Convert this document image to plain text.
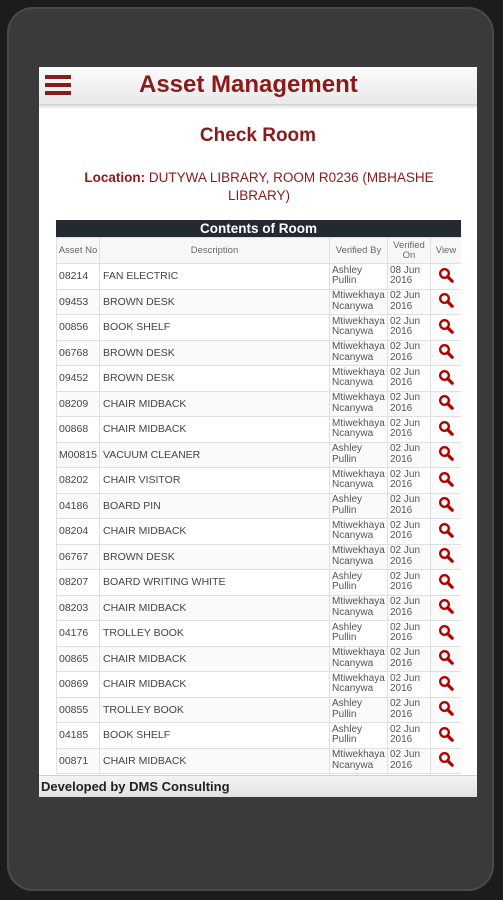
Asset Management
Check Room
Location: DUTYWA LIBRARY, ROOM R0236 (MBHASHE LIBRARY)
Contents of Room
Asset No	Description	Verified By	Verified On	View
08214	FAN ELECTRIC	Ashley Pullin	08 Jun 2016	
09453	BROWN DESK	Mtiwekhaya Ncanywa	02 Jun 2016	
00856	BOOK SHELF	Mtiwekhaya Ncanywa	02 Jun 2016	
06768	BROWN DESK	Mtiwekhaya Ncanywa	02 Jun 2016	
09452	BROWN DESK	Mtiwekhaya Ncanywa	02 Jun 2016	
08209	CHAIR MIDBACK	Mtiwekhaya Ncanywa	02 Jun 2016	
00868	CHAIR MIDBACK	Mtiwekhaya Ncanywa	02 Jun 2016	
M00815	VACUUM CLEANER	Ashley Pullin	02 Jun 2016	
08202	CHAIR VISITOR	Mtiwekhaya Ncanywa	02 Jun 2016	
04186	BOARD PIN	Ashley Pullin	02 Jun 2016	
08204	CHAIR MIDBACK	Mtiwekhaya Ncanywa	02 Jun 2016	
06767	BROWN DESK	Mtiwekhaya Ncanywa	02 Jun 2016	
08207	BOARD WRITING WHITE	Ashley Pullin	02 Jun 2016	
08203	CHAIR MIDBACK	Mtiwekhaya Ncanywa	02 Jun 2016	
04176	TROLLEY BOOK	Ashley Pullin	02 Jun 2016	
00865	CHAIR MIDBACK	Mtiwekhaya Ncanywa	02 Jun 2016	
00869	CHAIR MIDBACK	Mtiwekhaya Ncanywa	02 Jun 2016	
00855	TROLLEY BOOK	Ashley Pullin	02 Jun 2016	
04185	BOOK SHELF	Ashley Pullin	02 Jun 2016	
00871	CHAIR MIDBACK	Mtiwekhaya Ncanywa	02 Jun 2016	
Developed by DMS Consulting
